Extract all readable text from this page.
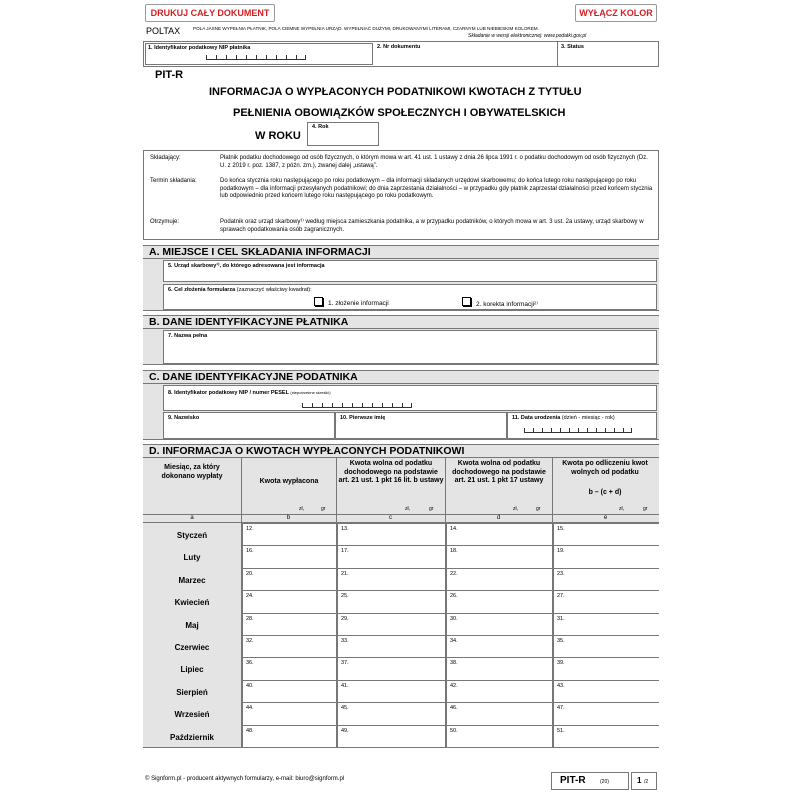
DRUKUJ CAŁY DOKUMENT	WYŁĄCZ KOLOR
POLTAX	POLA JASNE WYPEŁNIA PŁATNIK, POLA CIEMNE WYPEŁNIA URZĄD. WYPEŁNIAĆ DUŻYMI, DRUKOWANYMI LITERAMI, CZARNYM LUB NIEBIESKIM KOLOREM.
Składanie w wersji elektronicznej: www.podatki.gov.pl
1. Identyfikator podatkowy NIP płatnika	2. Nr dokumentu	3. Status
PIT-R
INFORMACJA O WYPŁACONYCH PODATNIKOWI KWOTACH Z TYTUŁU
PEŁNIENIA OBOWIĄZKÓW SPOŁECZNYCH I OBYWATELSKICH
W ROKU
4. Rok
Składający:	Płatnik podatku dochodowego od osób fizycznych, o którym mowa w art. 41 ust. 1 ustawy z dnia 26 lipca 1991 r. o podatku dochodowym od osób fizycznych (Dz. U. z 2019 r. poz. 1387, z późn. zm.), zwanej dalej „ustawą”.
Termin składania:	Do końca stycznia roku następującego po roku podatkowym – dla informacji składanych urzędowi skarbowemu; do końca lutego roku następującego po roku podatkowym – dla informacji przesyłanych podatnikowi; do dnia zaprzestania działalności – w przypadku gdy płatnik zaprzestał działalności przed końcem stycznia lub odpowiednio przed końcem lutego roku następującego po roku podatkowym.
Otrzymuje:	Podatnik oraz urząd skarbowy¹⁾ według miejsca zamieszkania podatnika, a w przypadku podatników, o których mowa w art. 3 ust. 2a ustawy, urząd skarbowy w sprawach opodatkowania osób zagranicznych.
A. MIEJSCE I CEL SKŁADANIA INFORMACJI
5. Urząd skarbowy¹⁾, do którego adresowana jest informacja
6. Cel złożenia formularza (zaznaczyć właściwy kwadrat):
1. złożenie informacji	2. korekta informacji²⁾
B. DANE IDENTYFIKACYJNE PŁATNIKA
7. Nazwa pełna
C. DANE IDENTYFIKACYJNE PODATNIKA
8. Identyfikator podatkowy NIP / numer PESEL $^{(niepotrzebne skreślić)}$
9. Nazwisko	10. Pierwsze imię	11. Data urodzenia (dzień - miesiąc - rok)
D. INFORMACJA O KWOTACH WYPŁACONYCH PODATNIKOWI
Miesiąc, za który dokonano wypłaty
Kwota wypłacona
Kwota wolna od podatku dochodowego na podstawie art. 21 ust. 1 pkt 16 lit. b ustawy
Kwota wolna od podatku dochodowego na podstawie art. 21 ust. 1 pkt 17 ustawy
Kwota po odliczeniu kwot wolnych od podatku
b – (c + d)
zł,	gr	zł,	gr	zł,	gr	zł,	gr
a	b	c	d	e
Styczeń
12.	13.	14.	15.
Luty
16.	17.	18.	19.
Marzec
20.	21.	22.	23.
Kwiecień
24.	25.	26.	27.
Maj
28.	29.	30.	31.
Czerwiec
32.	33.	34.	35.
Lipiec
36.	37.	38.	39.
Sierpień
40.	41.	42.	43.
Wrzesień
44.	45.	46.	47.
Październik
48.	49.	50.	51.
© Signform.pl - producent aktywnych formularzy, e-mail: biuro@signform.pl	PIT-R	(20)	1 /2
